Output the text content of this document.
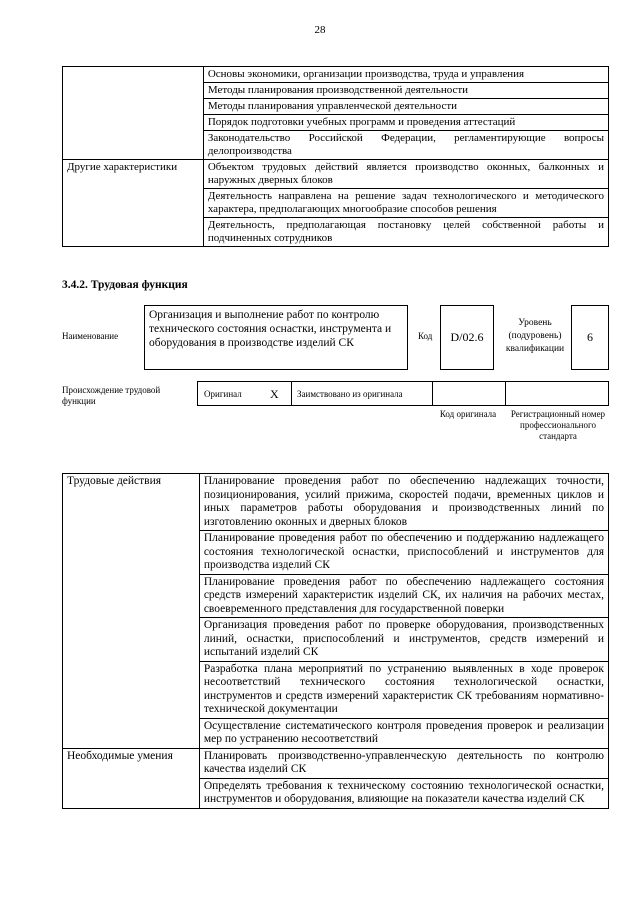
28
	Основы экономики, организации производства, труда и управления
	Методы планирования производственной деятельности
	Методы планирования управленческой деятельности
	Порядок подготовки учебных программ и проведения аттестаций
	Законодательство Российской Федерации, регламентирующие вопросы делопроизводства
Другие характеристики	Объектом трудовых действий является производство оконных, балконных и наружных дверных блоков
	Деятельность направлена на решение задач технологического и методического характера, предполагающих многообразие способов решения
	Деятельность, предполагающая постановку целей собственной работы и подчиненных сотрудников
3.4.2. Трудовая функция
Наименование
Организация и выполнение работ по контролю технического состояния оснастки, инструмента и оборудования в производстве изделий СК
Код	D/02.6
Уровень (подуровень) квалификации
6
Происхождение трудовой функции
Оригинал X Заимствовано из оригинала
Код оригинала	Регистрационный номер профессионального стандарта
Трудовые действия	Планирование проведения работ по обеспечению надлежащих точности, позиционирования, усилий прижима, скоростей подачи, временных циклов и иных параметров работы оборудования и производственных линий по изготовлению оконных и дверных блоков
	Планирование проведения работ по обеспечению и поддержанию надлежащего состояния технологической оснастки, приспособлений и инструментов для производства изделий СК
	Планирование проведения работ по обеспечению надлежащего состояния средств измерений характеристик изделий СК, их наличия на рабочих местах, своевременного представления для государственной поверки
	Организация проведения работ по проверке оборудования, производственных линий, оснастки, приспособлений и инструментов, средств измерений и испытаний изделий СК
	Разработка плана мероприятий по устранению выявленных в ходе проверок несоответствий технического состояния технологической оснастки, инструментов и средств измерений характеристик СК требованиям нормативно-технической документации
	Осуществление систематического контроля проведения проверок и реализации мер по устранению несоответствий
Необходимые умения	Планировать производственно-управленческую деятельность по контролю качества изделий СК
	Определять требования к техническому состоянию технологической оснастки, инструментов и оборудования, влияющие на показатели качества изделий СК
